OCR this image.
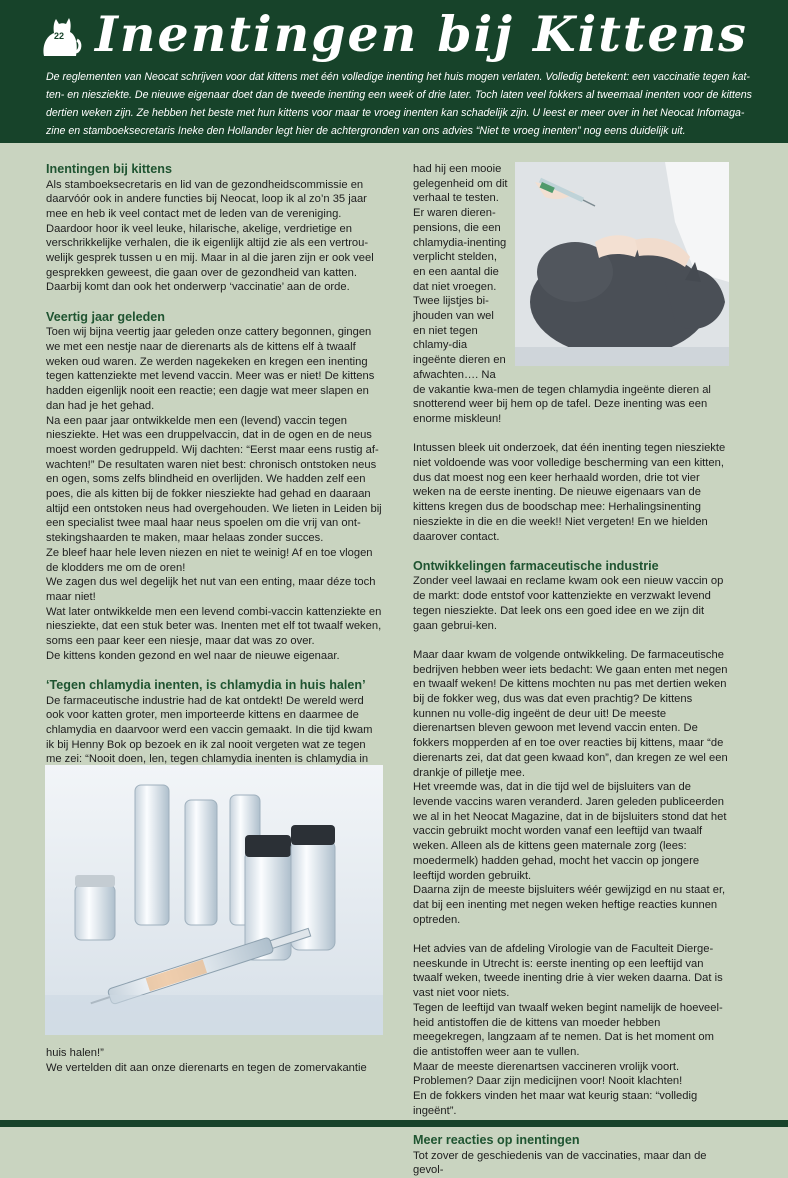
22 Inentingen bij Kittens
De reglementen van Neocat schrijven voor dat kittens met één volledige inenting het huis mogen verlaten. Volledig betekent: een vaccinatie tegen kat-ten- en niesziekte. De nieuwe eigenaar doet dan de tweede inenting een week of drie later. Toch laten veel fokkers al tweemaal inenten voor de kittens dertien weken zijn. Ze hebben het beste met hun kittens voor maar te vroeg inenten kan schadelijk zijn. U leest er meer over in het Neocat Infomaga-zine en stamboeksecretaris Ineke den Hollander legt hier de achtergronden van ons advies “Niet te vroeg inenten” nog eens duidelijk uit.
Inentingen bij kittens

Als stamboeksecretaris en lid van de gezondheidscommissie en daarvóór ook in andere functies bij Neocat, loop ik al zo’n 35 jaar mee en heb ik veel contact met de leden van de vereniging. Daardoor hoor ik veel leuke, hilarische, akelige, verdrietige en verschrikkelijke verhalen, die ik eigenlijk altijd zie als een vertrou-welijk gesprek tussen u en mij. Maar in al die jaren zijn er ook veel gesprekken geweest, die gaan over de gezondheid van katten. Daarbij komt dan ook het onderwerp ‘vaccinatie’ aan de orde.

Veertig jaar geleden

Toen wij bijna veertig jaar geleden onze cattery begonnen, gingen we met een nestje naar de dierenarts als de kittens elf à twaalf weken oud waren. Ze werden nagekeken en kregen een inenting tegen kattenziekte met levend vaccin. Meer was er niet! De kittens hadden eigenlijk nooit een reactie; een dagje wat meer slapen en dan had je het gehad.

Na een paar jaar ontwikkelde men een (levend) vaccin tegen niesziekte. Het was een druppelvaccin, dat in de ogen en de neus moest worden gedruppeld. Wij dachten: “Eerst maar eens rustig af-wachten!” De resultaten waren niet best: chronisch ontstoken neus en ogen, soms zelfs blindheid en overlijden. We hadden zelf een poes, die als kitten bij de fokker niesziekte had gehad en daaraan altijd een ontstoken neus had overgehouden. We lieten in Leiden bij een specialist twee maal haar neus spoelen om die vrij van ont-stekingshaarden te maken, maar helaas zonder succes.

Ze bleef haar hele leven niezen en niet te weinig! Af en toe vlogen de klodders me om de oren!

We zagen dus wel degelijk het nut van een enting, maar déze toch maar niet!

Wat later ontwikkelde men een levend combi-vaccin kattenziekte en niesziekte, dat een stuk beter was. Inenten met elf tot twaalf weken, soms een paar keer een niesje, maar dat was zo over.

De kittens konden gezond en wel naar de nieuwe eigenaar.

‘Tegen chlamydia inenten, is chlamydia in huis halen’

De farmaceutische industrie had de kat ontdekt! De wereld werd ook voor katten groter, men importeerde kittens en daarmee de chlamydia en daarvoor werd een vaccin gemaakt. In die tijd kwam ik bij Henny Bok op bezoek en ik zal nooit vergeten wat ze tegen me zei: “Nooit doen, len, tegen chlamydia inenten is chlamydia in

huis halen!”

We vertelden dit aan onze dierenarts en tegen de zomervakantie

had hij een mooie gelegenheid om dit verhaal te testen. Er waren dieren-pensions, die een chlamydia-inenting verplicht stelden, en een aantal die dat niet vroegen. Twee lijstjes bi-jhouden van wel en niet tegen chlamy-dia ingeënte dieren en afwachten…. Na de vakantie kwa-men de tegen chlamydia ingeënte dieren al snotterend weer bij hem op de tafel. Deze inenting was een enorme miskleun!

Intussen bleek uit onderzoek, dat één inenting tegen niesziekte niet voldoende was voor volledige bescherming van een kitten, dus dat moest nog een keer herhaald worden, drie tot vier weken na de eerste inenting. De nieuwe eigenaars van de kittens kregen dus de boodschap mee: Herhalingsinenting niesziekte in die en die week!! Niet vergeten! En we hielden daarover contact.

Ontwikkelingen farmaceutische industrie

Zonder veel lawaai en reclame kwam ook een nieuw vaccin op de markt: dode entstof voor kattenziekte en verzwakt levend tegen niesziekte. Dat leek ons een goed idee en we zijn dit gaan gebrui-ken.

Maar daar kwam de volgende ontwikkeling. De farmaceutische bedrijven hebben weer iets bedacht: We gaan enten met negen en twaalf weken! De kittens mochten nu pas met dertien weken bij de fokker weg, dus was dat even prachtig? De kittens kunnen nu volle-dig ingeënt de deur uit! De meeste dierenartsen bleven gewoon met levend vaccin enten. De fokkers mopperden af en toe over reacties bij kittens, maar “de dierenarts zei, dat dat geen kwaad kon”, dan kregen ze wel een drankje of pilletje mee.

Het vreemde was, dat in die tijd wel de bijsluiters van de levende vaccins waren veranderd. Jaren geleden publiceerden we al in het Neocat Magazine, dat in de bijsluiters stond dat het vaccin gebruikt mocht worden vanaf een leeftijd van twaalf weken. Alleen als de kittens geen maternale zorg (lees: moedermelk) hadden gehad, mocht het vaccin op jongere leeftijd worden gebruikt.

Daarna zijn de meeste bijsluiters wéér gewijzigd en nu staat er, dat bij een inenting met negen weken heftige reacties kunnen optreden.

Het advies van de afdeling Virologie van de Faculteit Dierge-neeskunde in Utrecht is: eerste inenting op een leeftijd van twaalf weken, tweede inenting drie à vier weken daarna. Dat is vast niet voor niets.

Tegen de leeftijd van twaalf weken begint namelijk de hoeveel-heid antistoffen die de kittens van moeder hebben meegekregen, langzaam af te nemen. Dat is het moment om die antistoffen weer aan te vullen.

Maar de meeste dierenartsen vaccineren vrolijk voort. Problemen? Daar zijn medicijnen voor! Nooit klachten!

En de fokkers vinden het maar wat keurig staan: “volledig ingeënt”.

Meer reacties op inentingen

Tot zover de geschiedenis van de vaccinaties, maar dan de gevol-
